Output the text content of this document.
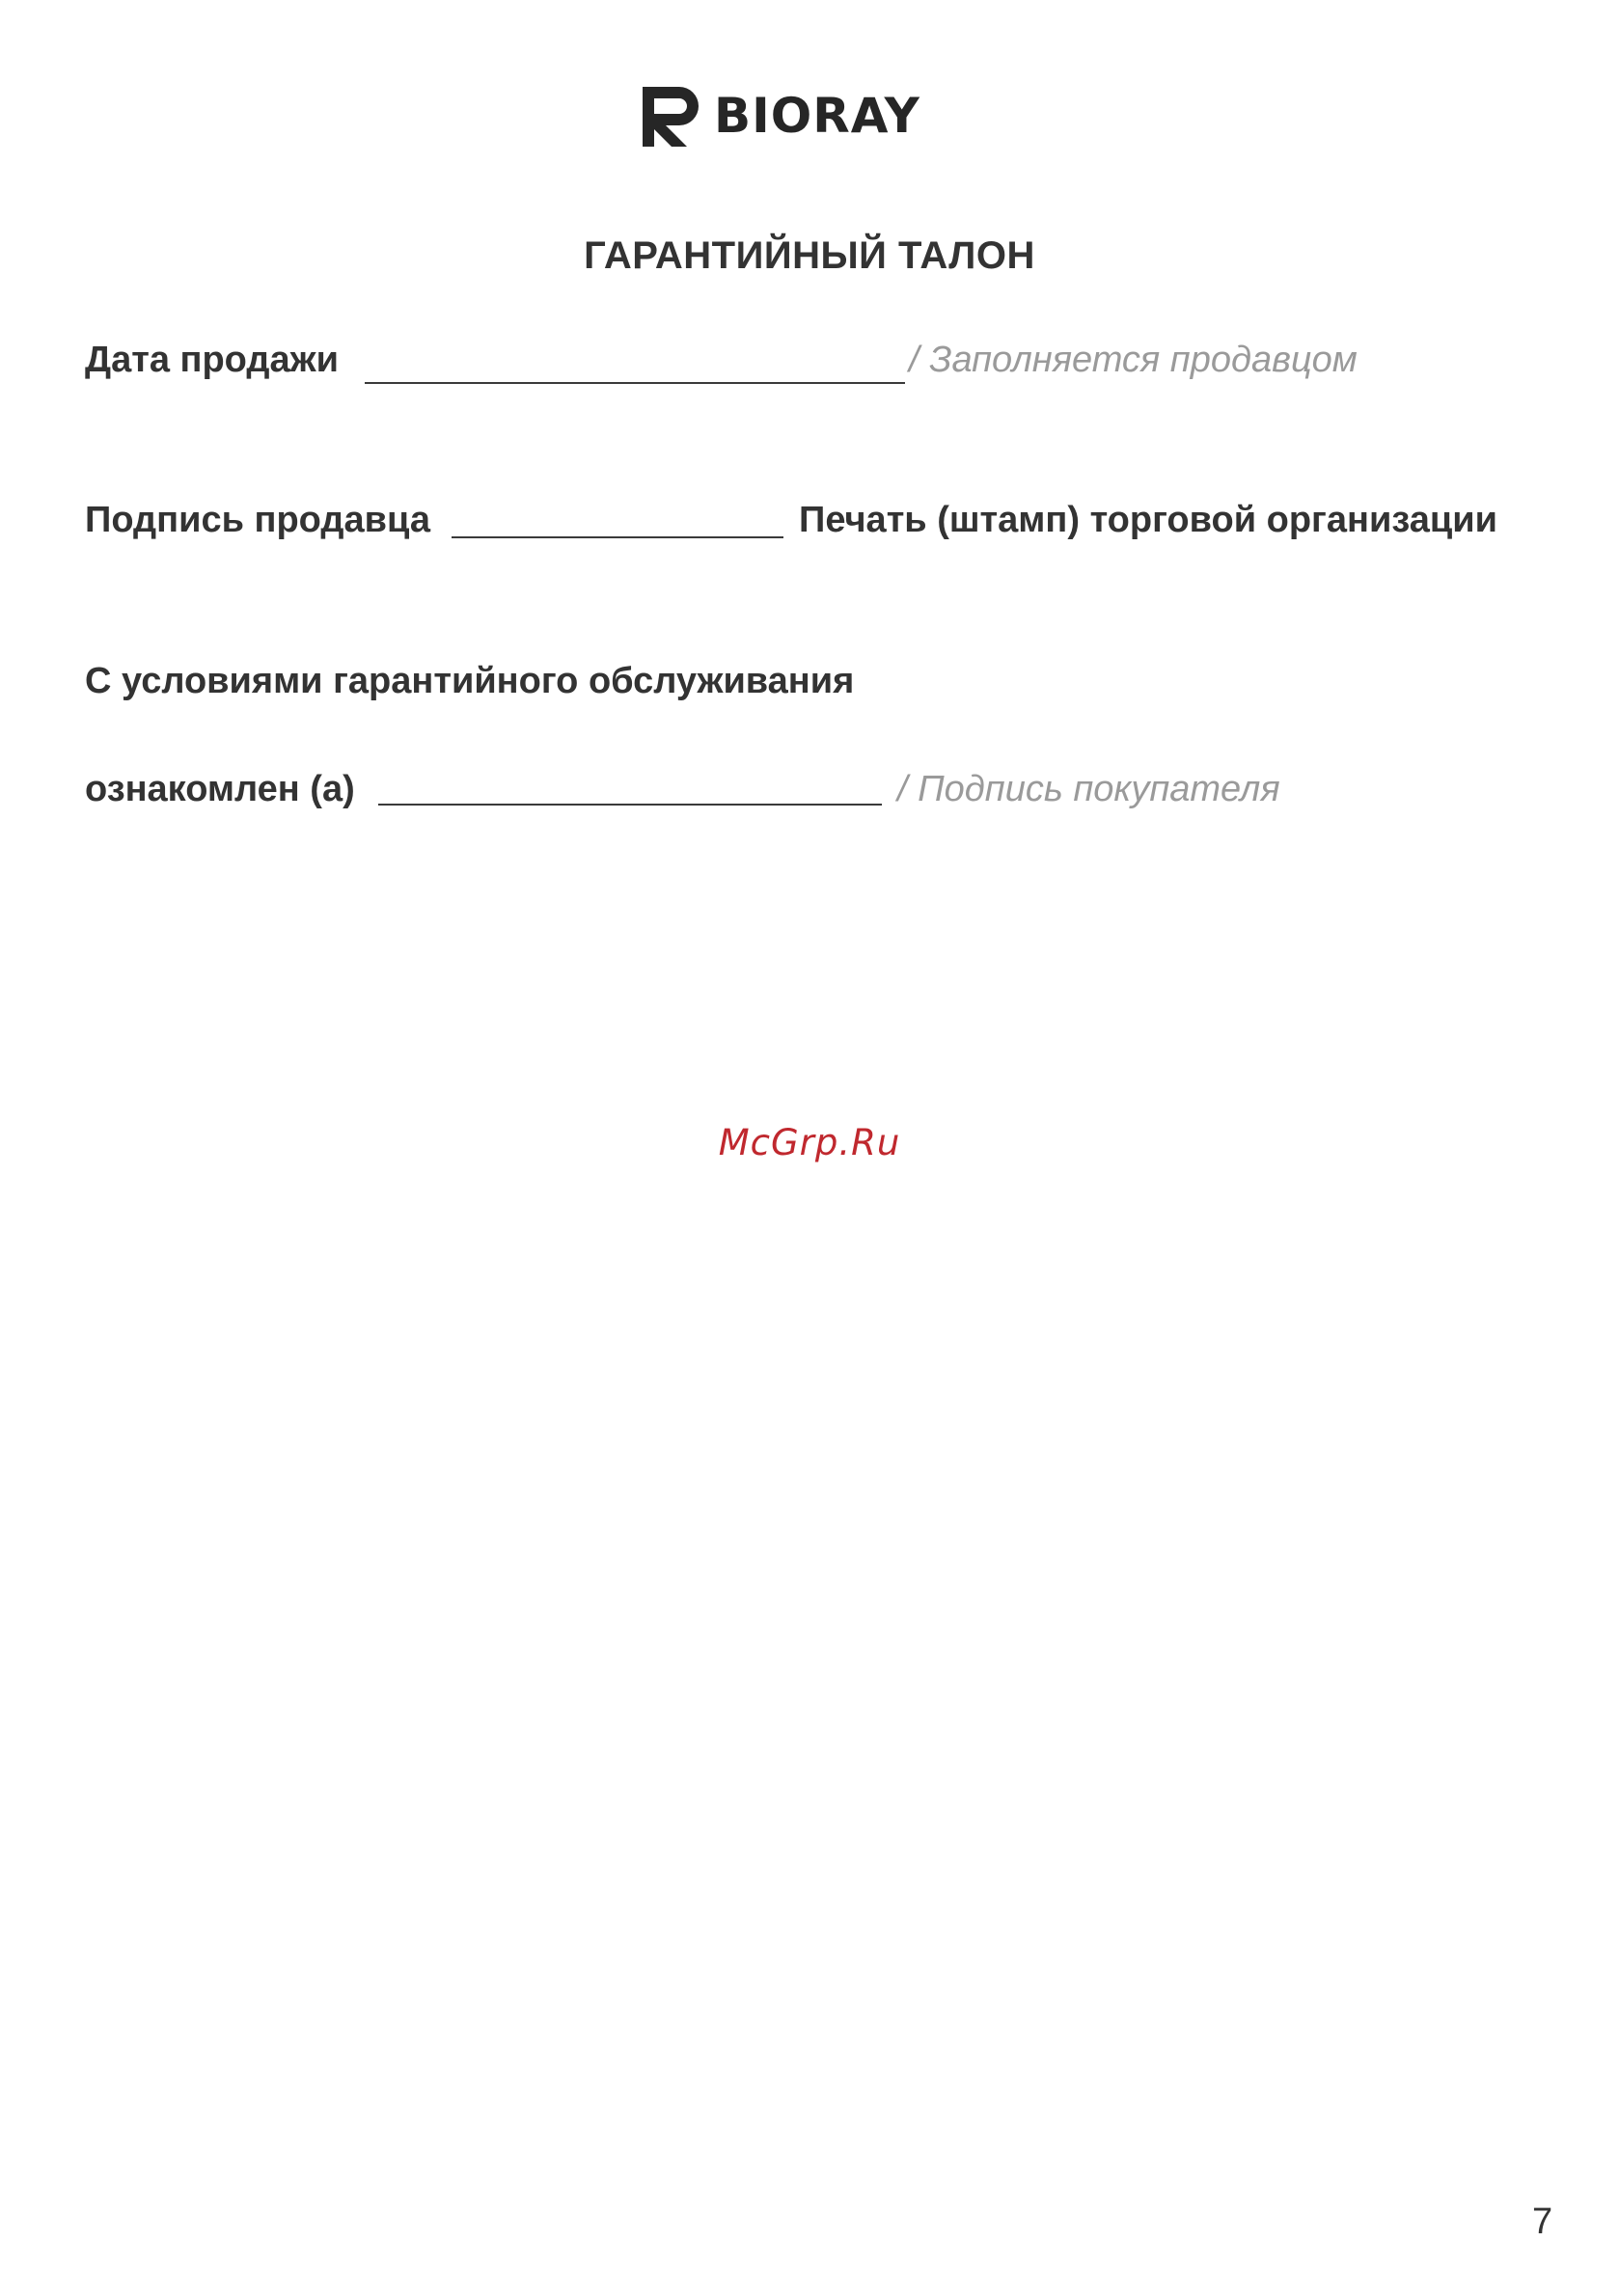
BIORAY
ГАРАНТИЙНЫЙ ТАЛОН
Дата продажи	/ Заполняется продавцом
Подпись продавца	Печать (штамп) торговой организации
С условиями гарантийного обслуживания
ознакомлен (а)	/ Подпись покупателя
McGrp.Ru
7
